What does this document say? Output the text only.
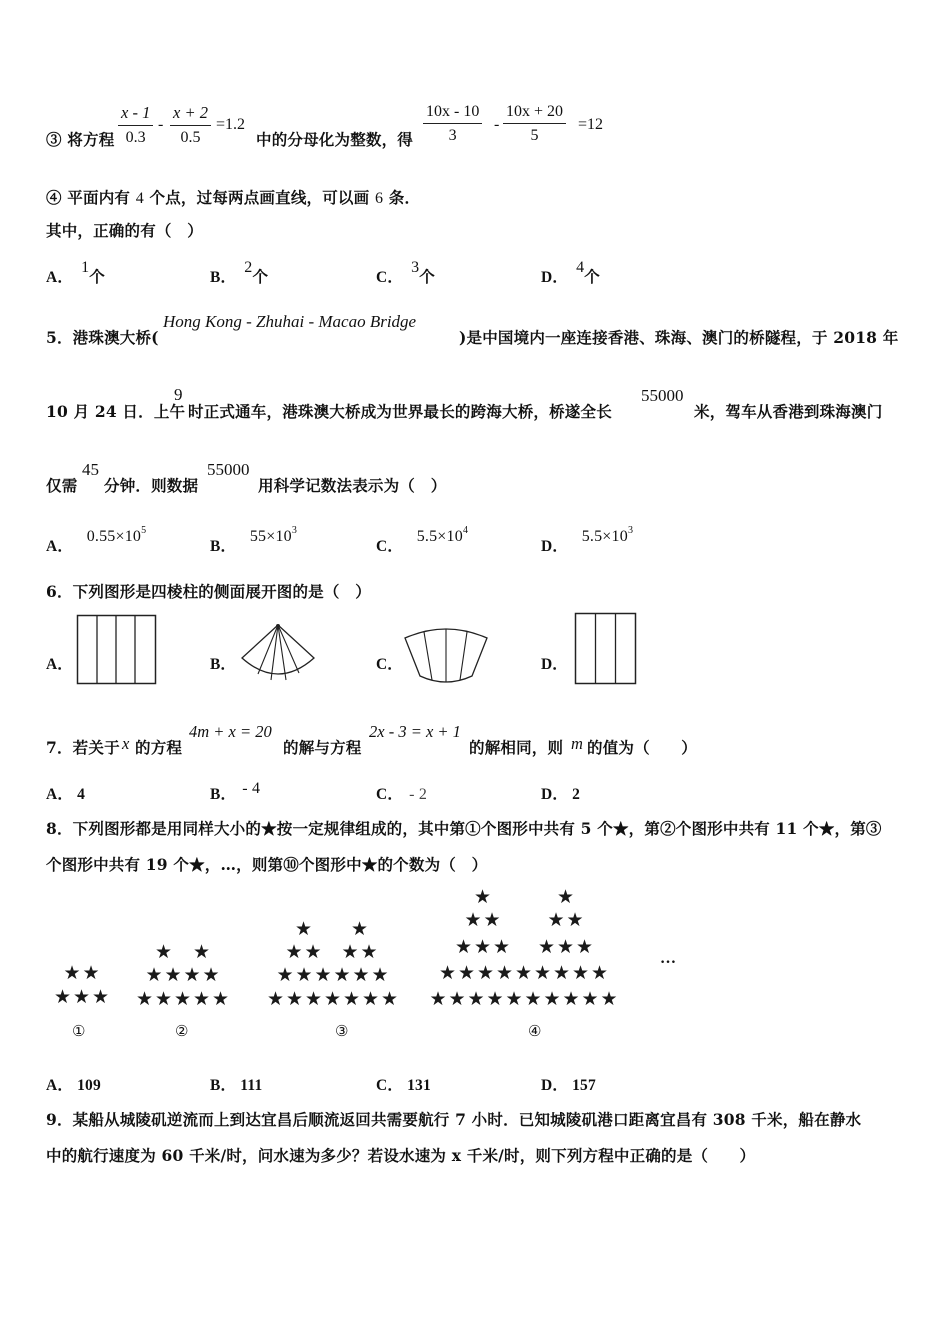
③ 将方程 $\frac{x - 1}{0.3} - \frac{x + 2}{0.5} =1.2$
中的分母化为整数，得 $\frac{10x - 10}{3} - \frac{10x + 20}{5} =12$
④ 平面内有 4 个点，过每两点画直线，可以画 6 条．
其中，正确的有（　）
A．1个	B．2个	C．3个	D．4个
5．港珠澳大桥(
Hong Kong - Zhuhai - Macao Bridge
)是中国境内一座连接香港、珠海、澳门的桥隧程，于 2018 年
10 月 24 日．上午
9
时正式通车，港珠澳大桥成为世界最长的跨海大桥，桥遂全长
55000
米，驾车从香港到珠海澳门
仅需
45
分钟．则数据
55000
用科学记数法表示为（　）
A． $0.55\times 10^5$
B． $55\times 10^3$
C． $5.5\times 10^4$
D． $5.5\times 10^3$
6．下列图形是四棱柱的侧面展开图的是（　）
A．	B．	C．	D．
7．若关于 x 的方程
4m + x = 20
的解与方程
2x - 3 = x + 1
的解相同，则 m 的值为（　　）
A． 4	B． - 4	C． - 2	D． 2
8．下列图形都是用同样大小的★按一定规律组成的，其中第①个图形中共有 5 个★，第②个图形中共有 11 个★，第③
个图形中共有 19 个★，…，则第⑩个图形中★的个数为（　）
★ ★
★ ★ ★
★ ★
★ ★ ★ ★
★ ★ ★ ★ ★
★ ★
★ ★ ★ ★
★ ★ ★ ★ ★ ★
★ ★ ★ ★ ★ ★ ★
★	★
★ ★ ★ ★
★ ★ ★ ★ ★ ★
★ ★ ★ ★ ★ ★ ★ ★ ★
★ ★ ★ ★ ★ ★ ★ ★ ★ ★
①	②	③	④
…
A． 109	B． 111	C． 131	D． 157
9．某船从城陵矶逆流而上到达宜昌后顺流返回共需要航行 7 小时．已知城陵矶港口距离宜昌有 308 千米，船在静水
中的航行速度为 60 千米/时，问水速为多少？若设水速为 x 千米/时，则下列方程中正确的是（　　）
